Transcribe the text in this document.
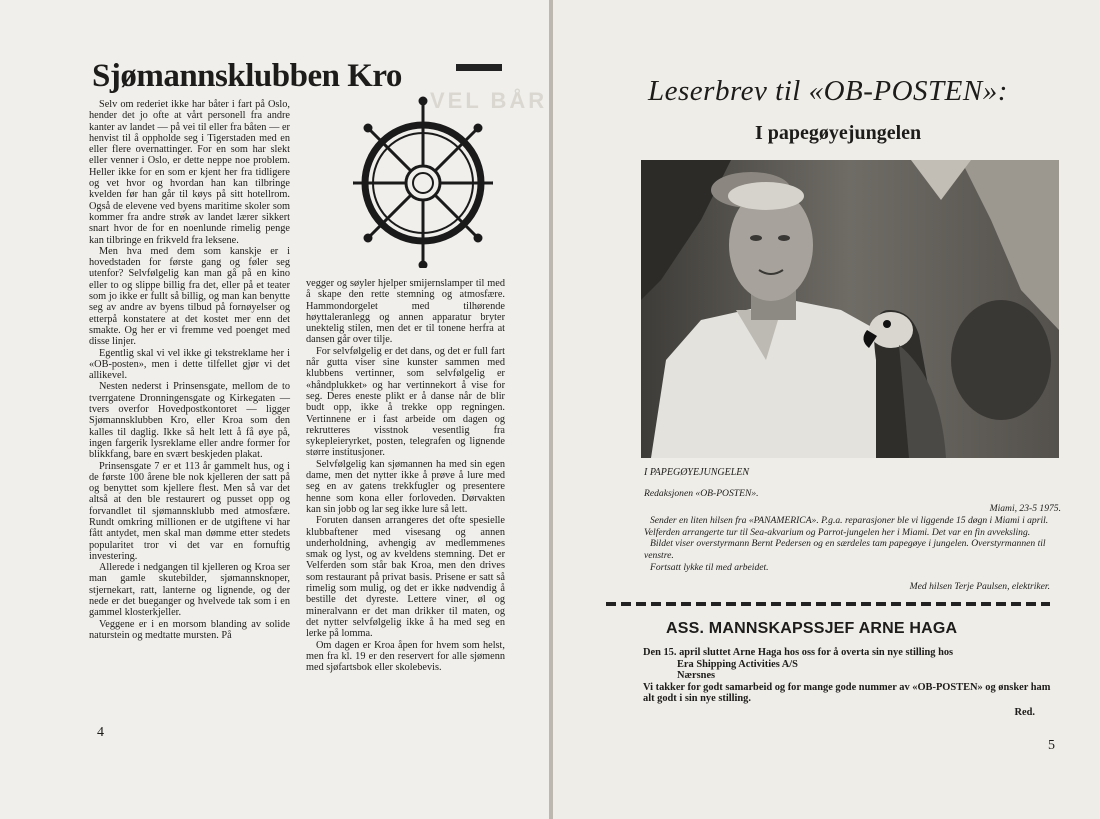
VEL BÅR
Sjømannsklubben Kro

Selv om rederiet ikke har båter i fart på Oslo, hender det jo ofte at vårt personell fra andre kanter av landet — på vei til eller fra båten — er henvist til å oppholde seg i Tigerstaden med en eller flere overnattinger. For en som har slekt eller venner i Oslo, er dette neppe noe problem. Heller ikke for en som er kjent her fra tidligere og vet hvor og hvordan han kan tilbringe kvelden før han går til køys på sitt hotellrom. Også de elevene ved byens maritime skoler som kommer fra andre strøk av landet lærer sikkert snart hvor de for en noenlunde rimelig penge kan tilbringe en frikveld fra leksene.

Men hva med dem som kanskje er i hovedstaden for første gang og føler seg utenfor? Selvfølgelig kan man gå på en kino eller to og slippe billig fra det, eller på et teater som jo ikke er fullt så billig, og man kan benytte seg av andre av byens tilbud på fornøyelser og etterpå konstatere at det kostet mer enn det smakte. Og her er vi fremme ved poenget med disse linjer.

Egentlig skal vi vel ikke gi tekstreklame her i «OB-posten», men i dette tilfellet gjør vi det allikevel.

Nesten nederst i Prinsensgate, mellom de to tverrgatene Dronningensgate og Kirkegaten — tvers overfor Hovedpostkontoret — ligger Sjømannsklubben Kro, eller Kroa som den kalles til daglig. Ikke så helt lett å få øye på, ingen fargerik lysreklame eller andre former for blikkfang, bare en svært beskjeden plakat.

Prinsensgate 7 er et 113 år gammelt hus, og i de første 100 årene ble nok kjelleren der satt på og benyttet som kjellere flest. Men så var det altså at den ble restaurert og pusset opp og forvandlet til sjømannsklubb med atmosfære. Rundt omkring millionen er de utgiftene vi har fått antydet, men skal man dømme etter stedets popularitet tror vi det var en fornuftig investering.

Allerede i nedgangen til kjelleren og Kroa ser man gamle skutebilder, sjømannsknoper, stjernekart, ratt, lanterne og lignende, og der nede er det bueganger og hvelvede tak som i en gammel klosterkjeller.

Veggene er i en morsom blanding av solide naturstein og medtatte mursten. På

vegger og søyler hjelper smijernslamper til med å skape den rette stemning og atmosfære. Hammondorgelet med tilhørende høyttaleranlegg og annen apparatur bryter unektelig stilen, men det er til tonene herfra at dansen går over tilje.

For selvfølgelig er det dans, og det er full fart når gutta viser sine kunster sammen med klubbens vertinner, som selvfølgelig er «håndplukket» og har vertinnekort å vise for seg. Deres eneste plikt er å danse når de blir budt opp, ikke å trekke opp regningen. Vertinnene er i fast arbeide om dagen og rekrutteres visstnok vesentlig fra sykepleieryrket, posten, telegrafen og lignende større institusjoner.

Selvfølgelig kan sjømannen ha med sin egen dame, men det nytter ikke å prøve å lure med seg en av gatens trekkfugler og presentere henne som kona eller forloveden. Dørvakten kan sin jobb og lar seg ikke lure så lett.

Foruten dansen arrangeres det ofte spesielle klubbaftener med visesang og annen underholdning, avhengig av medlemmenes smak og lyst, og av kveldens stemning. Det er Velferden som står bak Kroa, men den drives som restaurant på privat basis. Prisene er satt så rimelig som mulig, og det er ikke nødvendig å bestille det dyreste. Lettere viner, øl og mineralvann er det man drikker til maten, og det nytter selvfølgelig ikke å ha med seg en lerke på lomma.

Om dagen er Kroa åpen for hvem som helst, men fra kl. 19 er den reservert for alle sjømenn med sjøfartsbok eller skolebevis.

4
Leserbrev til «OB-POSTEN»:
I papegøyejungelen
I PAPEGØYEJUNGELEN
Redaksjonen «OB-POSTEN».
Miami, 23-5 1975.
Sender en liten hilsen fra «PANAMERICA». P.g.a. reparasjoner ble vi liggende 15 døgn i Miami i april. Velferden arrangerte tur til Sea-akvarium og Parrot-jungelen her i Miami. Det var en fin avveksling.
Bildet viser overstyrmann Bernt Pedersen og en særdeles tam papegøye i jungelen. Overstyrmannen til venstre.
Fortsatt lykke til med arbeidet.
Med hilsen Terje Paulsen, elektriker.
ASS. MANNSKAPSSJEF ARNE HAGA
Den 15. april sluttet Arne Haga hos oss for å overta sin nye stilling hos
Era Shipping Activities A/S
Nærsnes
Vi takker for godt samarbeid og for mange gode nummer av «OB-POSTEN» og ønsker ham alt godt i sin nye stilling.
Red.
5
